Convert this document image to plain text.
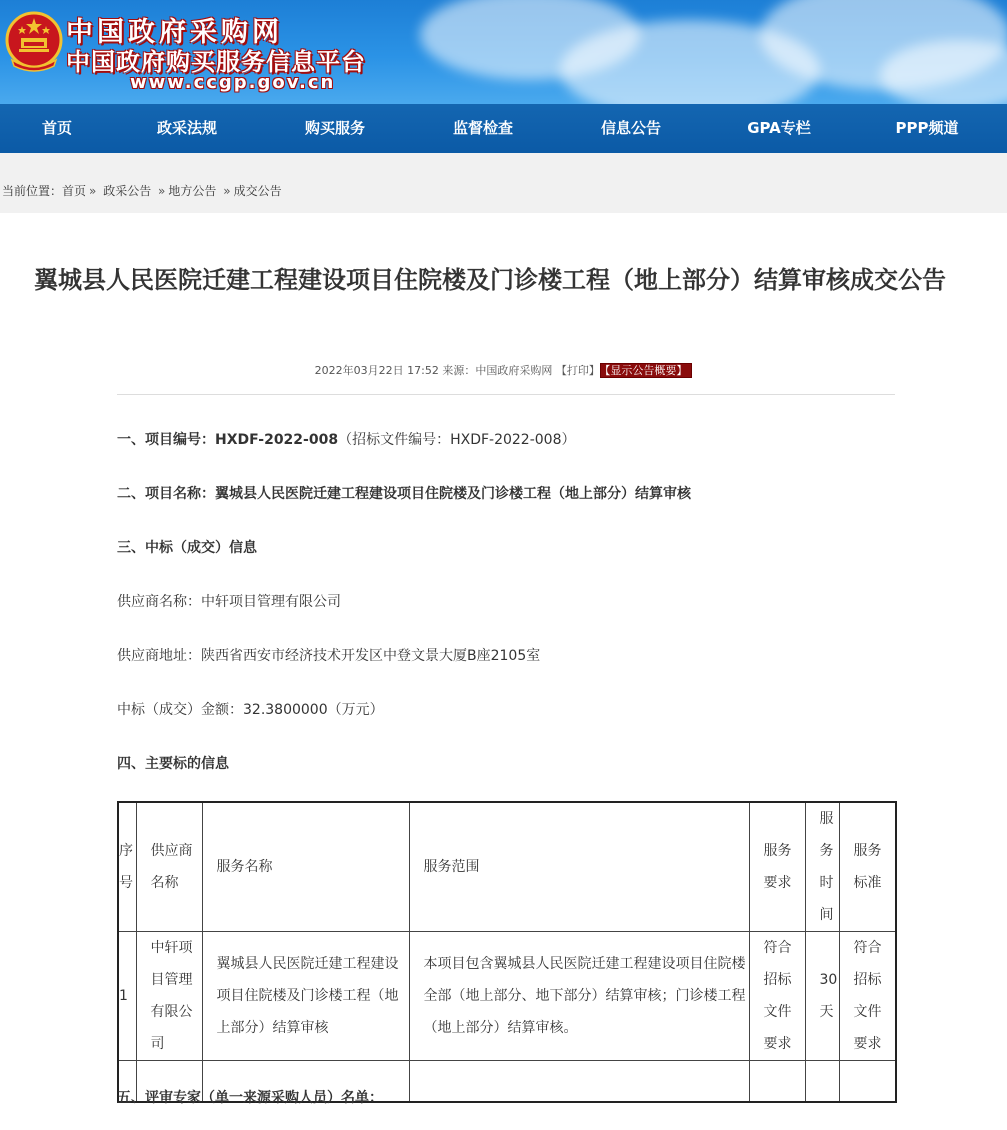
中国政府采购网
中国政府购买服务信息平台
www.ccgp.gov.cn
首页	政采法规	购买服务	监督检查	信息公告	GPA专栏	PPP频道
当前位置：首页 » 政采公告 » 地方公告 » 成交公告
翼城县人民医院迁建工程建设项目住院楼及门诊楼工程（地上部分）结算审核成交公告
2022年03月22日 17:52 来源：中国政府采购网 【打印】 【显示公告概要】
一、项目编号：HXDF-2022-008（招标文件编号：HXDF-2022-008）
二、项目名称：翼城县人民医院迁建工程建设项目住院楼及门诊楼工程（地上部分）结算审核
三、中标（成交）信息
供应商名称：中轩项目管理有限公司
供应商地址：陕西省西安市经济技术开发区中登文景大厦B座2105室
中标（成交）金额：32.3800000（万元）
四、主要标的信息
序号	供应商名称	服务名称	服务范围	服务要求	服务时间	服务标准
1	中轩项目管理有限公司	翼城县人民医院迁建工程建设项目住院楼及门诊楼工程（地上部分）结算审核	本项目包含翼城县人民医院迁建工程建设项目住院楼全部（地上部分、地下部分）结算审核；门诊楼工程（地上部分）结算审核。	符合招标文件要求	30天	符合招标文件要求

五、评审专家（单一来源采购人员）名单：
